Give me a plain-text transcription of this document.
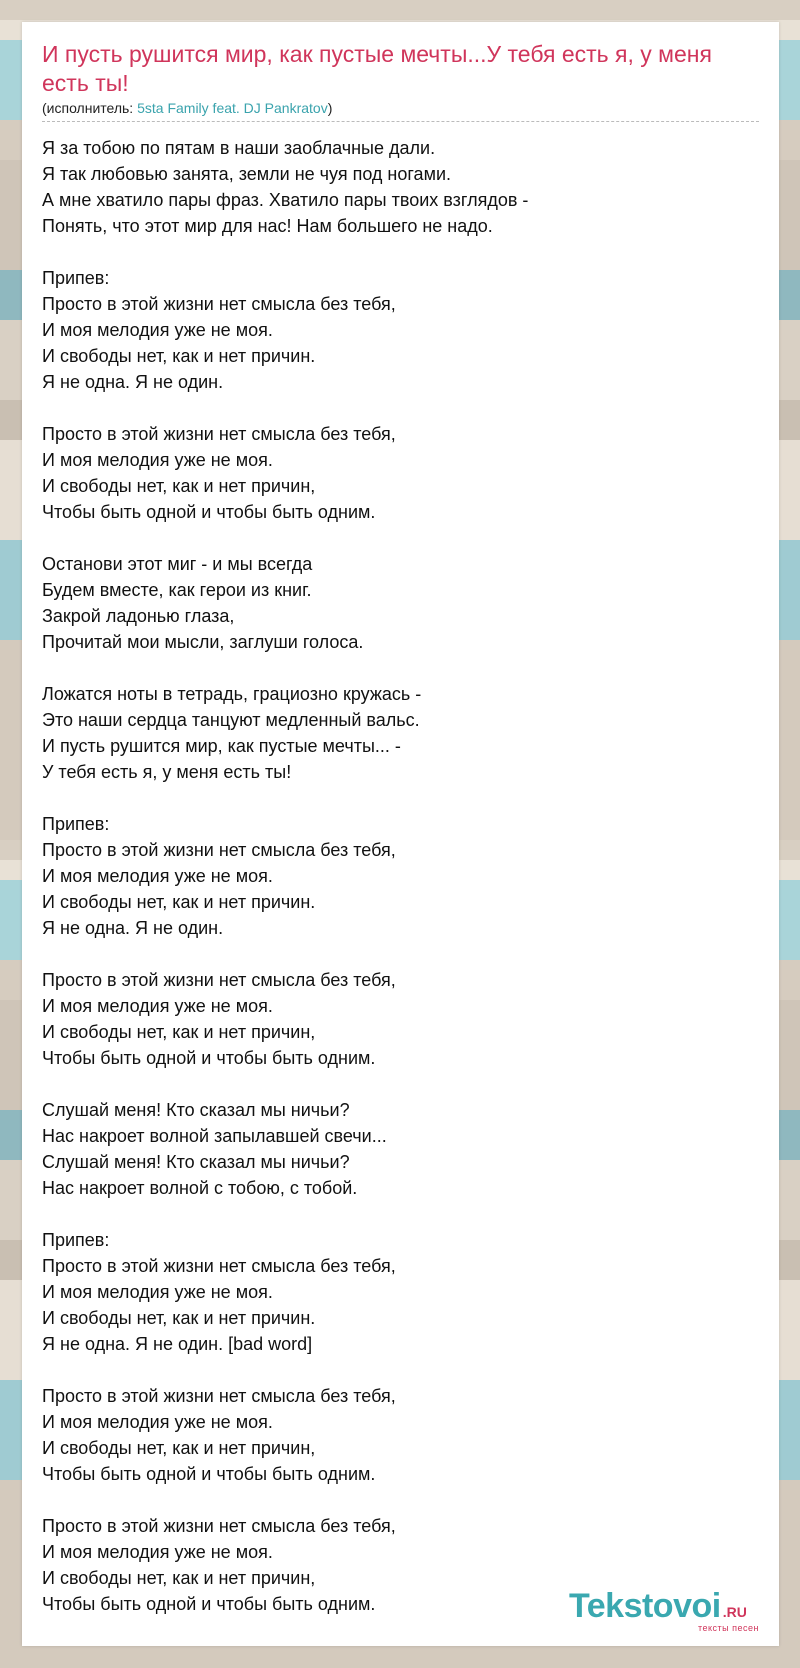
И пусть рушится мир, как пустые мечты...У тебя есть я, у меня есть ты!
(исполнитель: 5sta Family feat. DJ Pankratov)

Я за тобою по пятам в наши заоблачные дали.
Я так любовью занята, земли не чуя под ногами.
А мне хватило пары фраз. Хватило пары твоих взглядов -
Понять, что этот мир для нас! Нам большего не надо.

Припев:
Просто в этой жизни нет смысла без тебя,
И моя мелодия уже не моя.
И свободы нет, как и нет причин.
Я не одна. Я не один.

Просто в этой жизни нет смысла без тебя,
И моя мелодия уже не моя.
И свободы нет, как и нет причин,
Чтобы быть одной и чтобы быть одним.

Останови этот миг - и мы всегда
Будем вместе, как герои из книг.
Закрой ладонью глаза,
Прочитай мои мысли, заглуши голоса.

Ложатся ноты в тетрадь, грациозно кружась -
Это наши сердца танцуют медленный вальс.
И пусть рушится мир, как пустые мечты... -
У тебя есть я, у меня есть ты!

Припев:
Просто в этой жизни нет смысла без тебя,
И моя мелодия уже не моя.
И свободы нет, как и нет причин.
Я не одна. Я не один.

Просто в этой жизни нет смысла без тебя,
И моя мелодия уже не моя.
И свободы нет, как и нет причин,
Чтобы быть одной и чтобы быть одним.

Слушай меня! Кто сказал мы ничьи?
Нас накроет волной запылавшей свечи...
Слушай меня! Кто сказал мы ничьи?
Нас накроет волной с тобою, с тобой.

Припев:
Просто в этой жизни нет смысла без тебя,
И моя мелодия уже не моя.
И свободы нет, как и нет причин.
Я не одна. Я не один. [bad word]

Просто в этой жизни нет смысла без тебя,
И моя мелодия уже не моя.
И свободы нет, как и нет причин,
Чтобы быть одной и чтобы быть одним.

Просто в этой жизни нет смысла без тебя,
И моя мелодия уже не моя.
И свободы нет, как и нет причин,
Чтобы быть одной и чтобы быть одним.	Tekstovoi .RU
тексты песен
